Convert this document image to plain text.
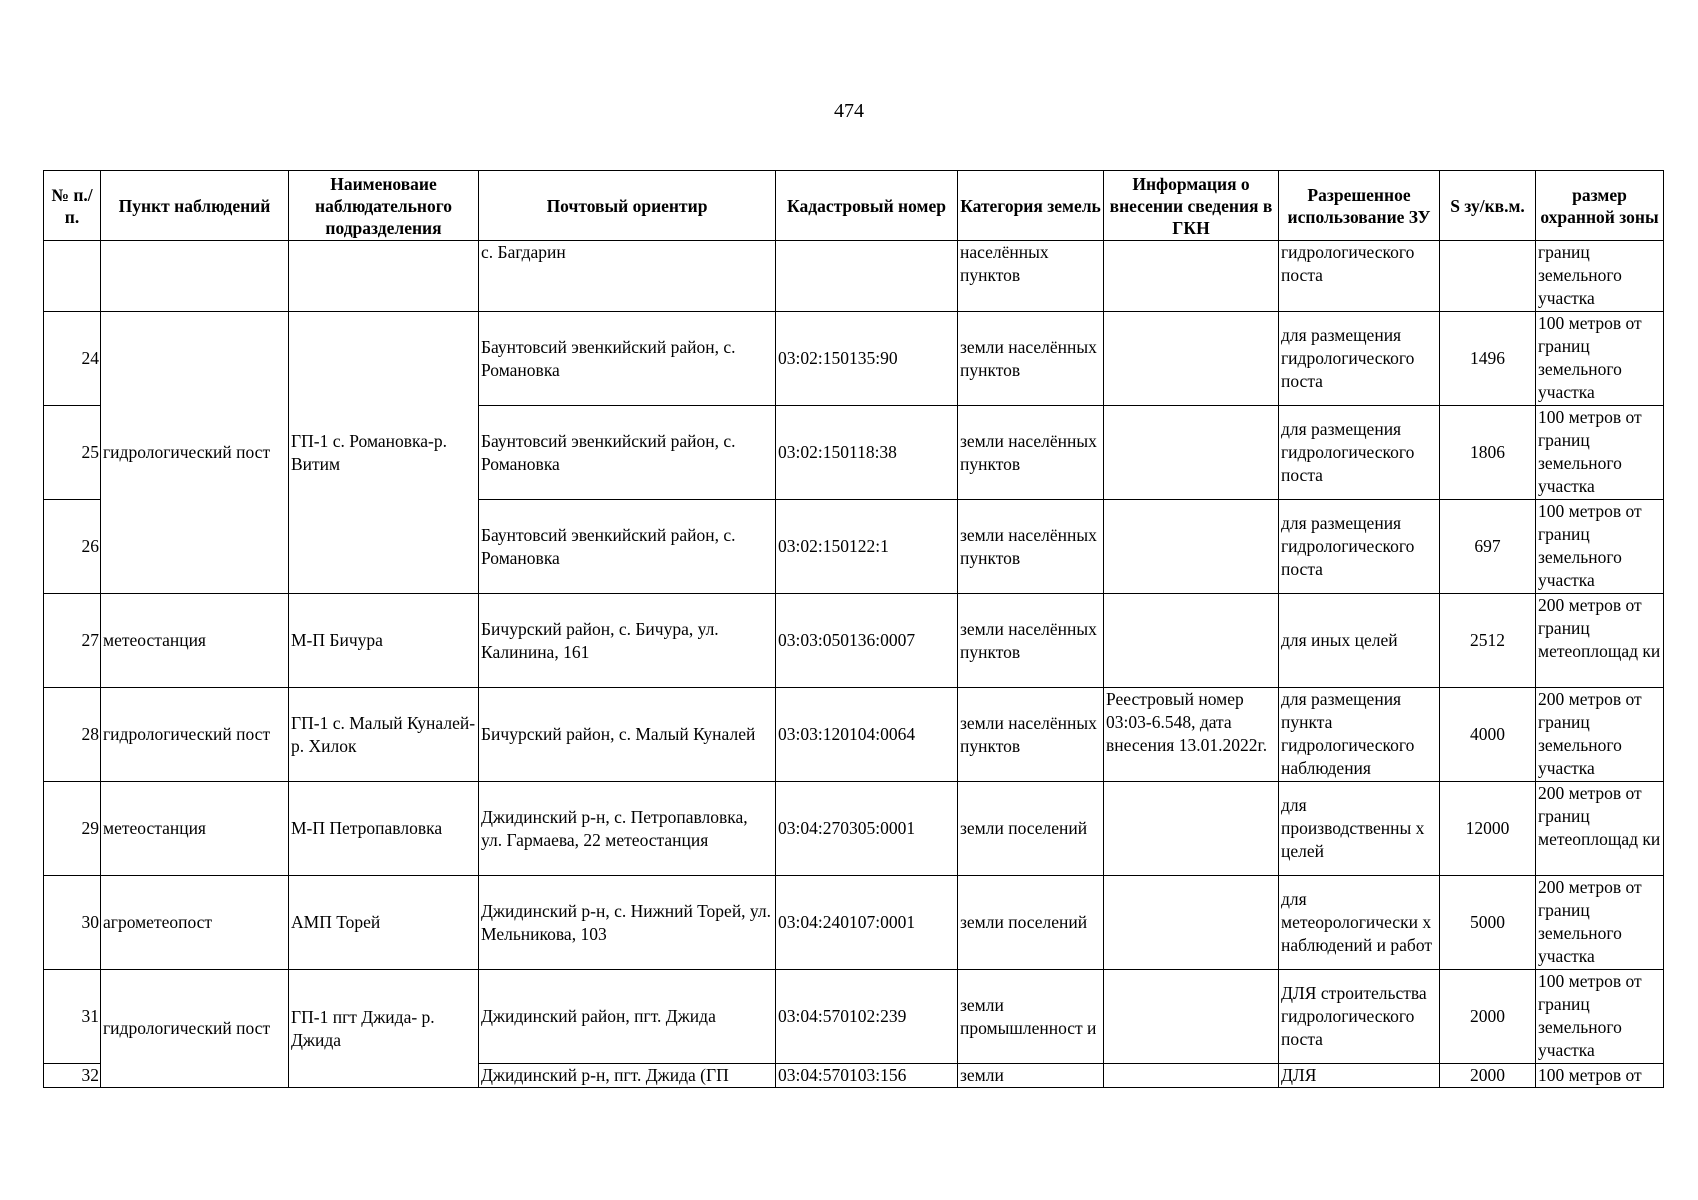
474
№ п./п.	Пункт наблюдений	Наименоваие наблюдательного подразделения	Почтовый ориентир	Кадастровый номер	Категория земель	Информация о внесении сведения в ГКН	Разрешенное использование ЗУ	S зу/кв.м.	размер охранной зоны
			с. Багдарин		населённых пунктов		гидрологического поста		границ земельного участка
24	гидрологический пост	ГП-1 с. Романовка-р. Витим	Баунтовсий эвенкийский район, с. Романовка	03:02:150135:90	земли населённых пунктов		для размещения гидрологического поста	1496	100 метров от границ земельного участка
25			Баунтовсий эвенкийский район, с. Романовка	03:02:150118:38	земли населённых пунктов		для размещения гидрологического поста	1806	100 метров от границ земельного участка
26			Баунтовсий эвенкийский район, с. Романовка	03:02:150122:1	земли населённых пунктов		для размещения гидрологического поста	697	100 метров от границ земельного участка
27	метеостанция	М-П Бичура	Бичурский район, с. Бичура, ул. Калинина, 161	03:03:050136:0007	земли населённых пунктов		для иных целей	2512	200 метров от границ метеоплощад ки
28	гидрологический пост	ГП-1 с. Малый Куналей-р. Хилок	Бичурский район, с. Малый Куналей	03:03:120104:0064	земли населённых пунктов	Реестровый номер 03:03-6.548, дата внесения 13.01.2022г.	для размещения пункта гидрологического наблюдения	4000	200 метров от границ земельного участка
29	метеостанция	М-П Петропавловка	Джидинский р-н, с. Петропавловка, ул. Гармаева, 22 метеостанция	03:04:270305:0001	земли поселений		для производственны х целей	12000	200 метров от границ метеоплощад ки
30	агрометеопост	АМП Торей	Джидинский р-н, с. Нижний Торей, ул. Мельникова, 103	03:04:240107:0001	земли поселений		для метеорологически х наблюдений и работ	5000	200 метров от границ земельного участка
31	гидрологический пост	ГП-1 пгт Джида- р. Джида	Джидинский район, пгт. Джида	03:04:570102:239	земли промышленност и		ДЛЯ строительства гидрологического поста	2000	100 метров от границ земельного участка
32			Джидинский р-н, пгт. Джида (ГП	03:04:570103:156	земли		ДЛЯ	2000	100 метров от
